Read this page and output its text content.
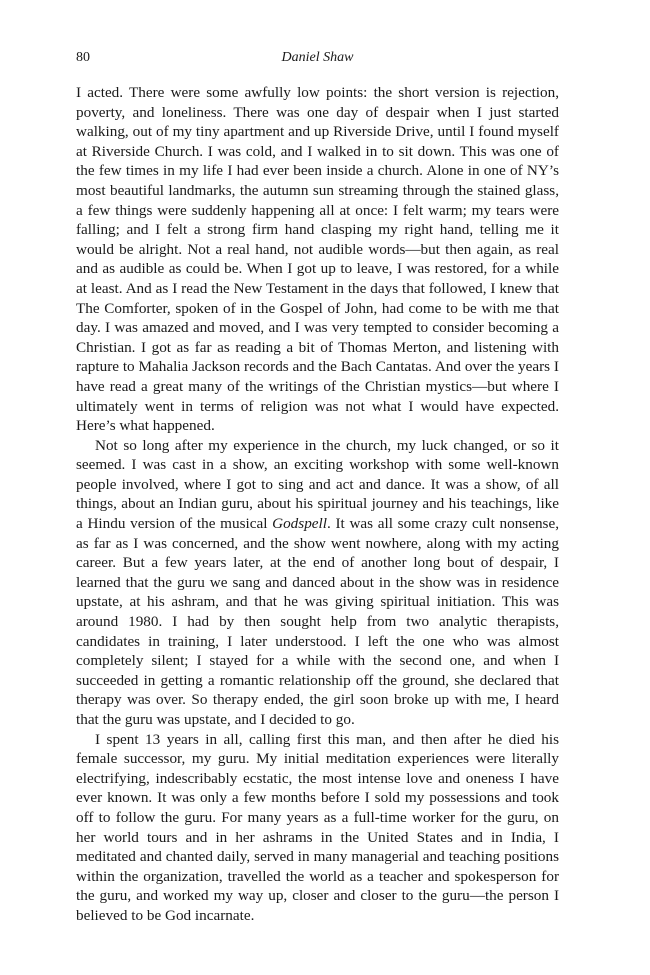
80	Daniel Shaw

I acted. There were some awfully low points: the short version is rejection, poverty, and loneliness. There was one day of despair when I just started walking, out of my tiny apartment and up Riverside Drive, until I found myself at Riverside Church. I was cold, and I walked in to sit down. This was one of the few times in my life I had ever been inside a church. Alone in one of NY’s most beautiful landmarks, the autumn sun streaming through the stained glass, a few things were suddenly happening all at once: I felt warm; my tears were falling; and I felt a strong firm hand clasping my right hand, telling me it would be alright. Not a real hand, not audible words—but then again, as real and as audible as could be. When I got up to leave, I was restored, for a while at least. And as I read the New Testament in the days that followed, I knew that The Comforter, spoken of in the Gospel of John, had come to be with me that day. I was amazed and moved, and I was very tempted to consider becoming a Christian. I got as far as reading a bit of Thomas Merton, and listening with rapture to Mahalia Jackson records and the Bach Cantatas. And over the years I have read a great many of the writings of the Christian mystics—but where I ultimately went in terms of religion was not what I would have expected. Here’s what happened.

Not so long after my experience in the church, my luck changed, or so it seemed. I was cast in a show, an exciting workshop with some well-known people involved, where I got to sing and act and dance. It was a show, of all things, about an Indian guru, about his spiritual journey and his teachings, like a Hindu version of the musical Godspell. It was all some crazy cult nonsense, as far as I was concerned, and the show went nowhere, along with my acting career. But a few years later, at the end of another long bout of despair, I learned that the guru we sang and danced about in the show was in residence upstate, at his ashram, and that he was giving spiritual initiation. This was around 1980. I had by then sought help from two analytic therapists, candidates in training, I later understood. I left the one who was almost completely silent; I stayed for a while with the second one, and when I succeeded in getting a romantic relationship off the ground, she declared that therapy was over. So therapy ended, the girl soon broke up with me, I heard that the guru was upstate, and I decided to go.

I spent 13 years in all, calling first this man, and then after he died his female successor, my guru. My initial meditation experiences were literally electrifying, indescribably ecstatic, the most intense love and oneness I have ever known. It was only a few months before I sold my possessions and took off to follow the guru. For many years as a full-time worker for the guru, on her world tours and in her ashrams in the United States and in India, I meditated and chanted daily, served in many managerial and teaching positions within the organization, travelled the world as a teacher and spokesperson for the guru, and worked my way up, closer and closer to the guru—the person I believed to be God incarnate.
